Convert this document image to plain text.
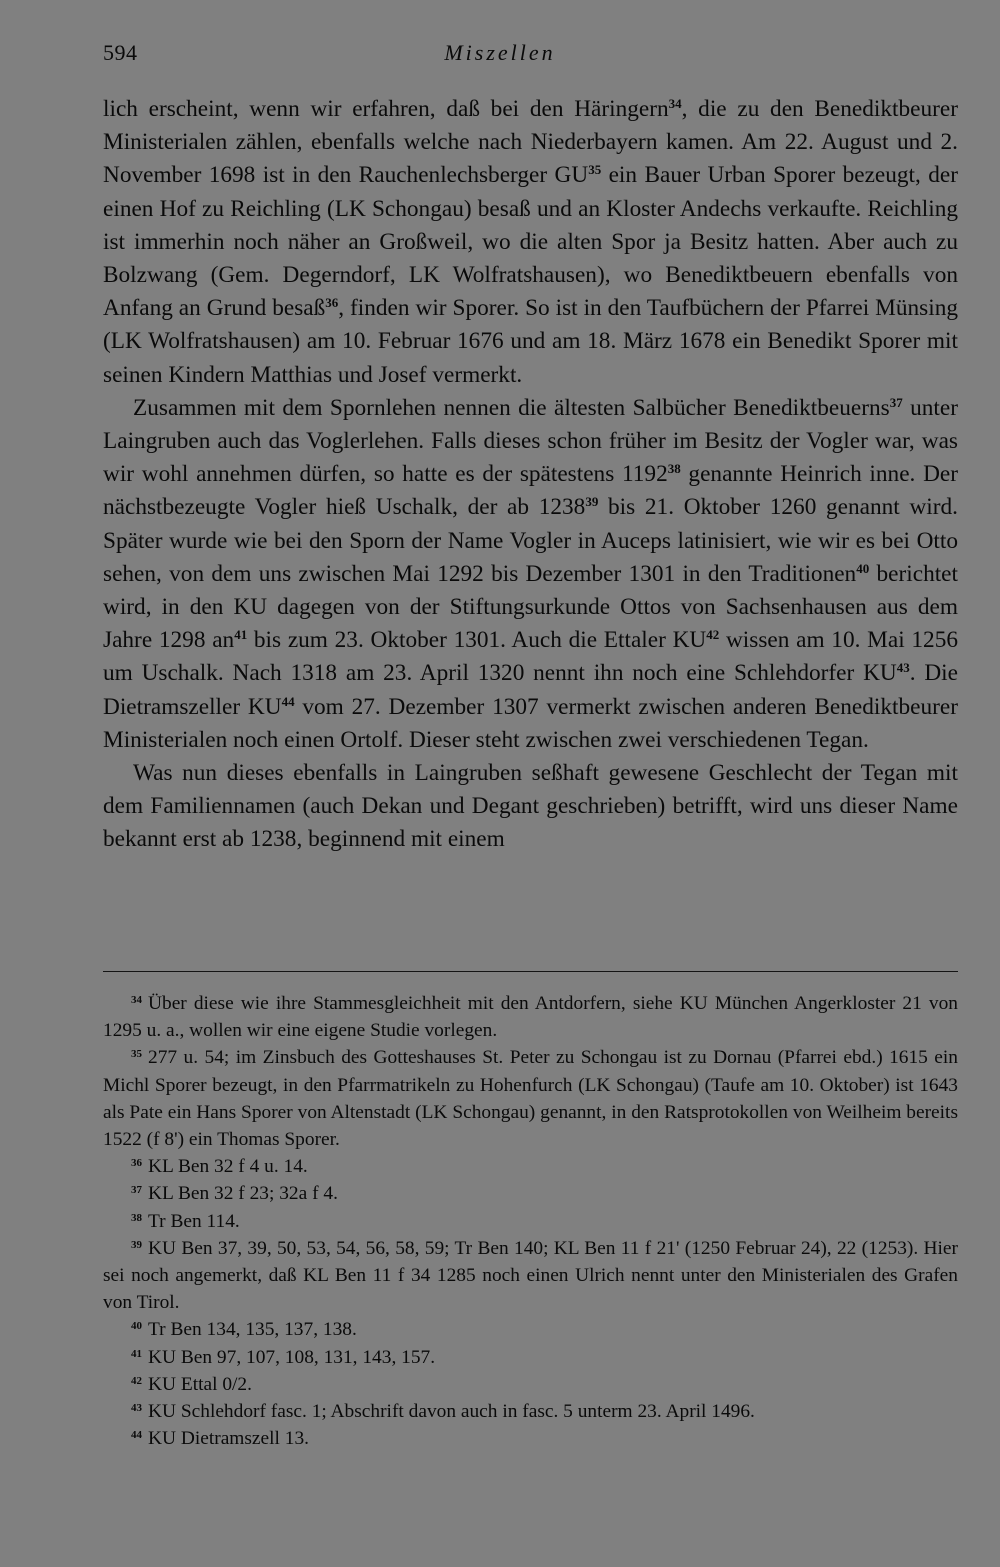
594	Miszellen

lich erscheint, wenn wir erfahren, daß bei den Häringern$^{34}$, die zu den Benediktbeurer Ministerialen zählen, ebenfalls welche nach Niederbayern kamen. Am 22. August und 2. November 1698 ist in den Rauchenlechsberger GU$^{35}$ ein Bauer Urban Sporer bezeugt, der einen Hof zu Reichling (LK Schongau) besaß und an Kloster Andechs verkaufte. Reichling ist immerhin noch näher an Großweil, wo die alten Spor ja Besitz hatten. Aber auch zu Bolzwang (Gem. Degerndorf, LK Wolfratshausen), wo Benediktbeuern ebenfalls von Anfang an Grund besaß$^{36}$, finden wir Sporer. So ist in den Taufbüchern der Pfarrei Münsing (LK Wolfratshausen) am 10. Februar 1676 und am 18. März 1678 ein Benedikt Sporer mit seinen Kindern Matthias und Josef vermerkt.

Zusammen mit dem Spornlehen nennen die ältesten Salbücher Benediktbeuerns$^{37}$ unter Laingruben auch das Voglerlehen. Falls dieses schon früher im Besitz der Vogler war, was wir wohl annehmen dürfen, so hatte es der spätestens 1192$^{38}$ genannte Heinrich inne. Der nächstbezeugte Vogler hieß Uschalk, der ab 1238$^{39}$ bis 21. Oktober 1260 genannt wird. Später wurde wie bei den Sporn der Name Vogler in Auceps latinisiert, wie wir es bei Otto sehen, von dem uns zwischen Mai 1292 bis Dezember 1301 in den Traditionen$^{40}$ berichtet wird, in den KU dagegen von der Stiftungsurkunde Ottos von Sachsenhausen aus dem Jahre 1298 an$^{41}$ bis zum 23. Oktober 1301. Auch die Ettaler KU$^{42}$ wissen am 10. Mai 1256 um Uschalk. Nach 1318 am 23. April 1320 nennt ihn noch eine Schlehdorfer KU$^{43}$. Die Dietramszeller KU$^{44}$ vom 27. Dezember 1307 vermerkt zwischen anderen Benediktbeurer Ministerialen noch einen Ortolf. Dieser steht zwischen zwei verschiedenen Tegan.

Was nun dieses ebenfalls in Laingruben seßhaft gewesene Geschlecht der Tegan mit dem Familiennamen (auch Dekan und Degant geschrieben) betrifft, wird uns dieser Name bekannt erst ab 1238, beginnend mit einem

$^{34}$ Über diese wie ihre Stammesgleichheit mit den Antdorfern, siehe KU München Angerkloster 21 von 1295 u. a., wollen wir eine eigene Studie vorlegen.

$^{35}$ 277 u. 54; im Zinsbuch des Gotteshauses St. Peter zu Schongau ist zu Dornau (Pfarrei ebd.) 1615 ein Michl Sporer bezeugt, in den Pfarrmatrikeln zu Hohenfurch (LK Schongau) (Taufe am 10. Oktober) ist 1643 als Pate ein Hans Sporer von Altenstadt (LK Schongau) genannt, in den Ratsprotokollen von Weilheim bereits 1522 (f 8') ein Thomas Sporer.

$^{36}$ KL Ben 32 f 4 u. 14.

$^{37}$ KL Ben 32 f 23; 32a f 4.

$^{38}$ Tr Ben 114.

$^{39}$ KU Ben 37, 39, 50, 53, 54, 56, 58, 59; Tr Ben 140; KL Ben 11 f 21' (1250 Februar 24), 22 (1253). Hier sei noch angemerkt, daß KL Ben 11 f 34 1285 noch einen Ulrich nennt unter den Ministerialen des Grafen von Tirol.

$^{40}$ Tr Ben 134, 135, 137, 138.

$^{41}$ KU Ben 97, 107, 108, 131, 143, 157.

$^{42}$ KU Ettal 0/2.

$^{43}$ KU Schlehdorf fasc. 1; Abschrift davon auch in fasc. 5 unterm 23. April 1496.

$^{44}$ KU Dietramszell 13.
